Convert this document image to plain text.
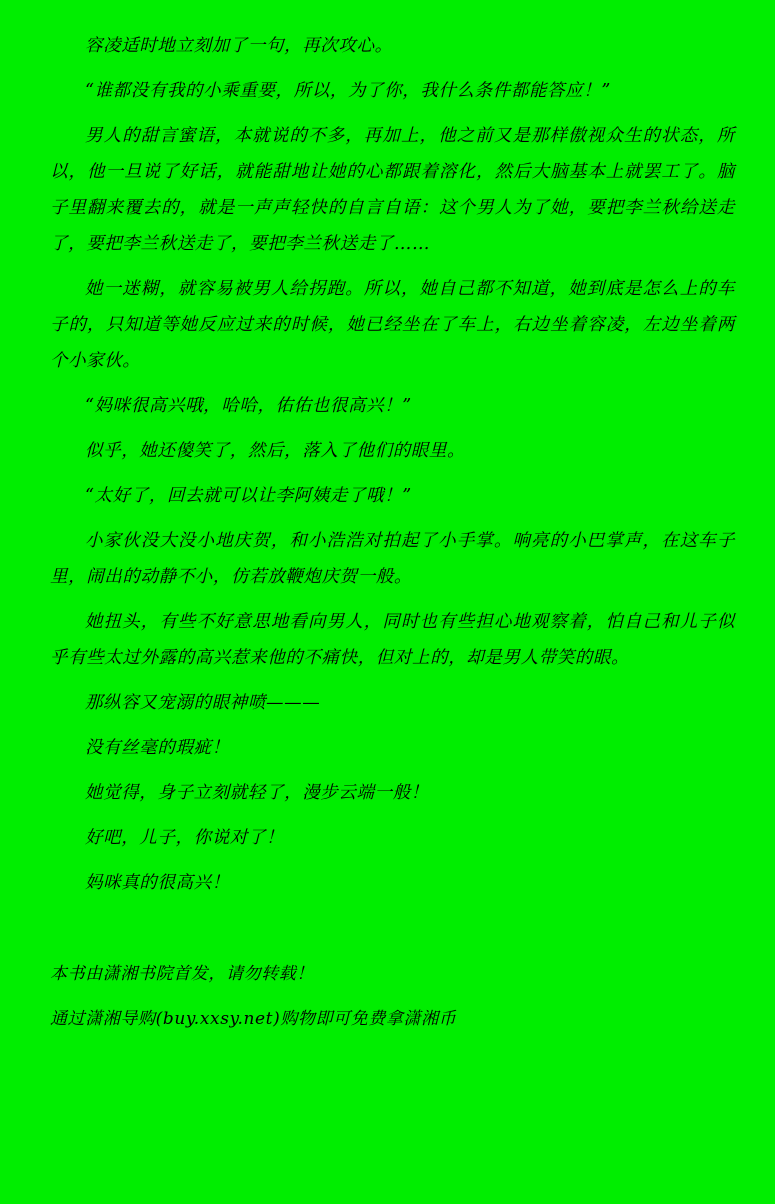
容凌适时地立刻加了一句，再次攻心。

“谁都没有我的小乘重要，所以，为了你，我什么条件都能答应！”

男人的甜言蜜语，本就说的不多，再加上，他之前又是那样傲视众生的状态，所以，他一旦说了好话，就能甜地让她的心都跟着溶化，然后大脑基本上就罢工了。脑子里翻来覆去的，就是一声声轻快的自言自语：这个男人为了她，要把李兰秋给送走了，要把李兰秋送走了，要把李兰秋送走了……

她一迷糊，就容易被男人给拐跑。所以，她自己都不知道，她到底是怎么上的车子的，只知道等她反应过来的时候，她已经坐在了车上，右边坐着容凌，左边坐着两个小家伙。

“妈咪很高兴哦，哈哈，佑佑也很高兴！”

似乎，她还傻笑了，然后，落入了他们的眼里。

“太好了，回去就可以让李阿姨走了哦！”

小家伙没大没小地庆贺，和小浩浩对拍起了小手掌。响亮的小巴掌声，在这车子里，闹出的动静不小，仿若放鞭炮庆贺一般。

她扭头，有些不好意思地看向男人，同时也有些担心地观察着，怕自己和儿子似乎有些太过外露的高兴惹来他的不痛快，但对上的，却是男人带笑的眼。

那纵容又宠溺的眼神喷———

没有丝毫的瑕疵！

她觉得，身子立刻就轻了，漫步云端一般！

好吧，儿子，你说对了！

妈咪真的很高兴！

本书由潇湘书院首发，请勿转载！

通过潇湘导购(buy.xxsy.net)购物即可免费拿潇湘币
